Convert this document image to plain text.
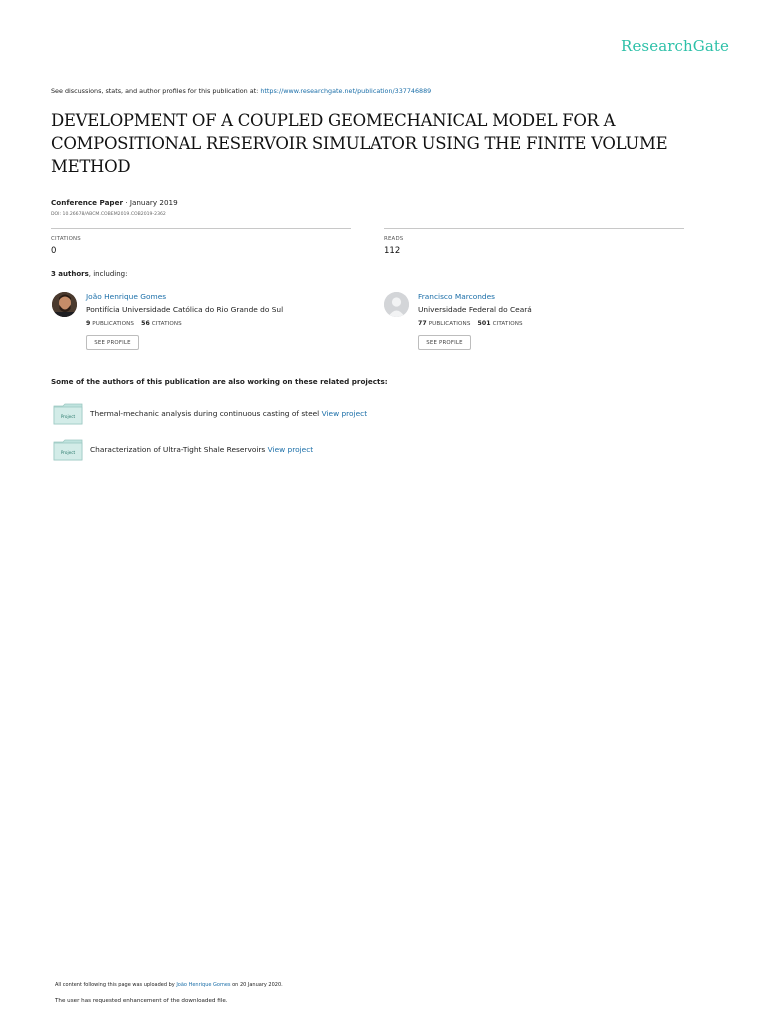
ResearchGate
See discussions, stats, and author profiles for this publication at: https://www.researchgate.net/publication/337746889
DEVELOPMENT OF A COUPLED GEOMECHANICAL MODEL FOR A COMPOSITIONAL RESERVOIR SIMULATOR USING THE FINITE VOLUME METHOD
Conference Paper · January 2019
DOI: 10.26678/ABCM.COBEM2019.COB2019-2362
CITATIONS
0
READS
112
3 authors, including:
João Henrique Gomes
Pontifícia Universidade Católica do Rio Grande do Sul
9 PUBLICATIONS 56 CITATIONS
SEE PROFILE
Francisco Marcondes
Universidade Federal do Ceará
77 PUBLICATIONS 501 CITATIONS
SEE PROFILE
Some of the authors of this publication are also working on these related projects:
Project Thermal-mechanic analysis during continuous casting of steel View project
Project Characterization of Ultra-Tight Shale Reservoirs View project
All content following this page was uploaded by João Henrique Gomes on 20 January 2020.
The user has requested enhancement of the downloaded file.
